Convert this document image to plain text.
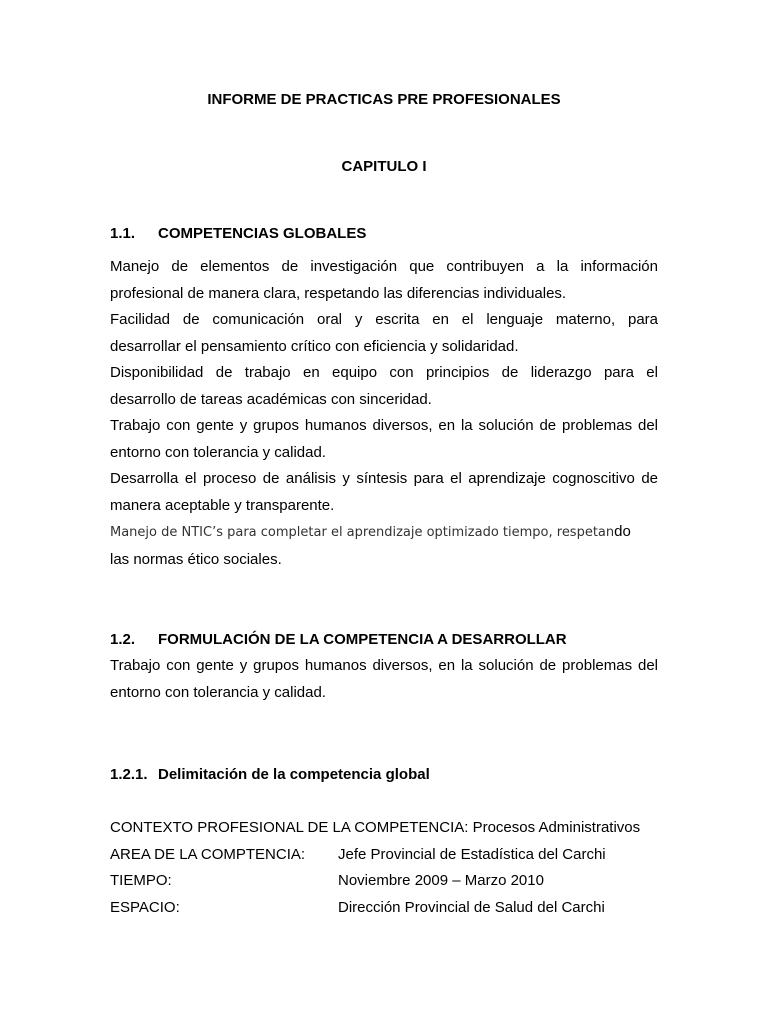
INFORME DE PRACTICAS PRE PROFESIONALES
CAPITULO I
1.1. COMPETENCIAS GLOBALES
Manejo de elementos de investigación que contribuyen a la información
profesional de manera clara, respetando las diferencias individuales.
Facilidad de comunicación oral y escrita en el lenguaje materno, para
desarrollar el pensamiento crítico con eficiencia y solidaridad.
Disponibilidad de trabajo en equipo con principios de liderazgo para el
desarrollo de tareas académicas con sinceridad.
Trabajo con gente y grupos humanos diversos, en la solución de problemas del
entorno con tolerancia y calidad.
Desarrolla el proceso de análisis y síntesis para el aprendizaje cognoscitivo de
manera aceptable y transparente.
Manejo de NTIC’s para completar el aprendizaje optimizado tiempo, respetando
las normas ético sociales.
1.2. FORMULACIÓN DE LA COMPETENCIA A DESARROLLAR
Trabajo con gente y grupos humanos diversos, en la solución de problemas del
entorno con tolerancia y calidad.
1.2.1. Delimitación de la competencia global
CONTEXTO PROFESIONAL DE LA COMPETENCIA: Procesos Administrativos
AREA DE LA COMPTENCIA: Jefe Provincial de Estadística del Carchi
TIEMPO:	Noviembre 2009 – Marzo 2010
ESPACIO:	Dirección Provincial de Salud del Carchi
